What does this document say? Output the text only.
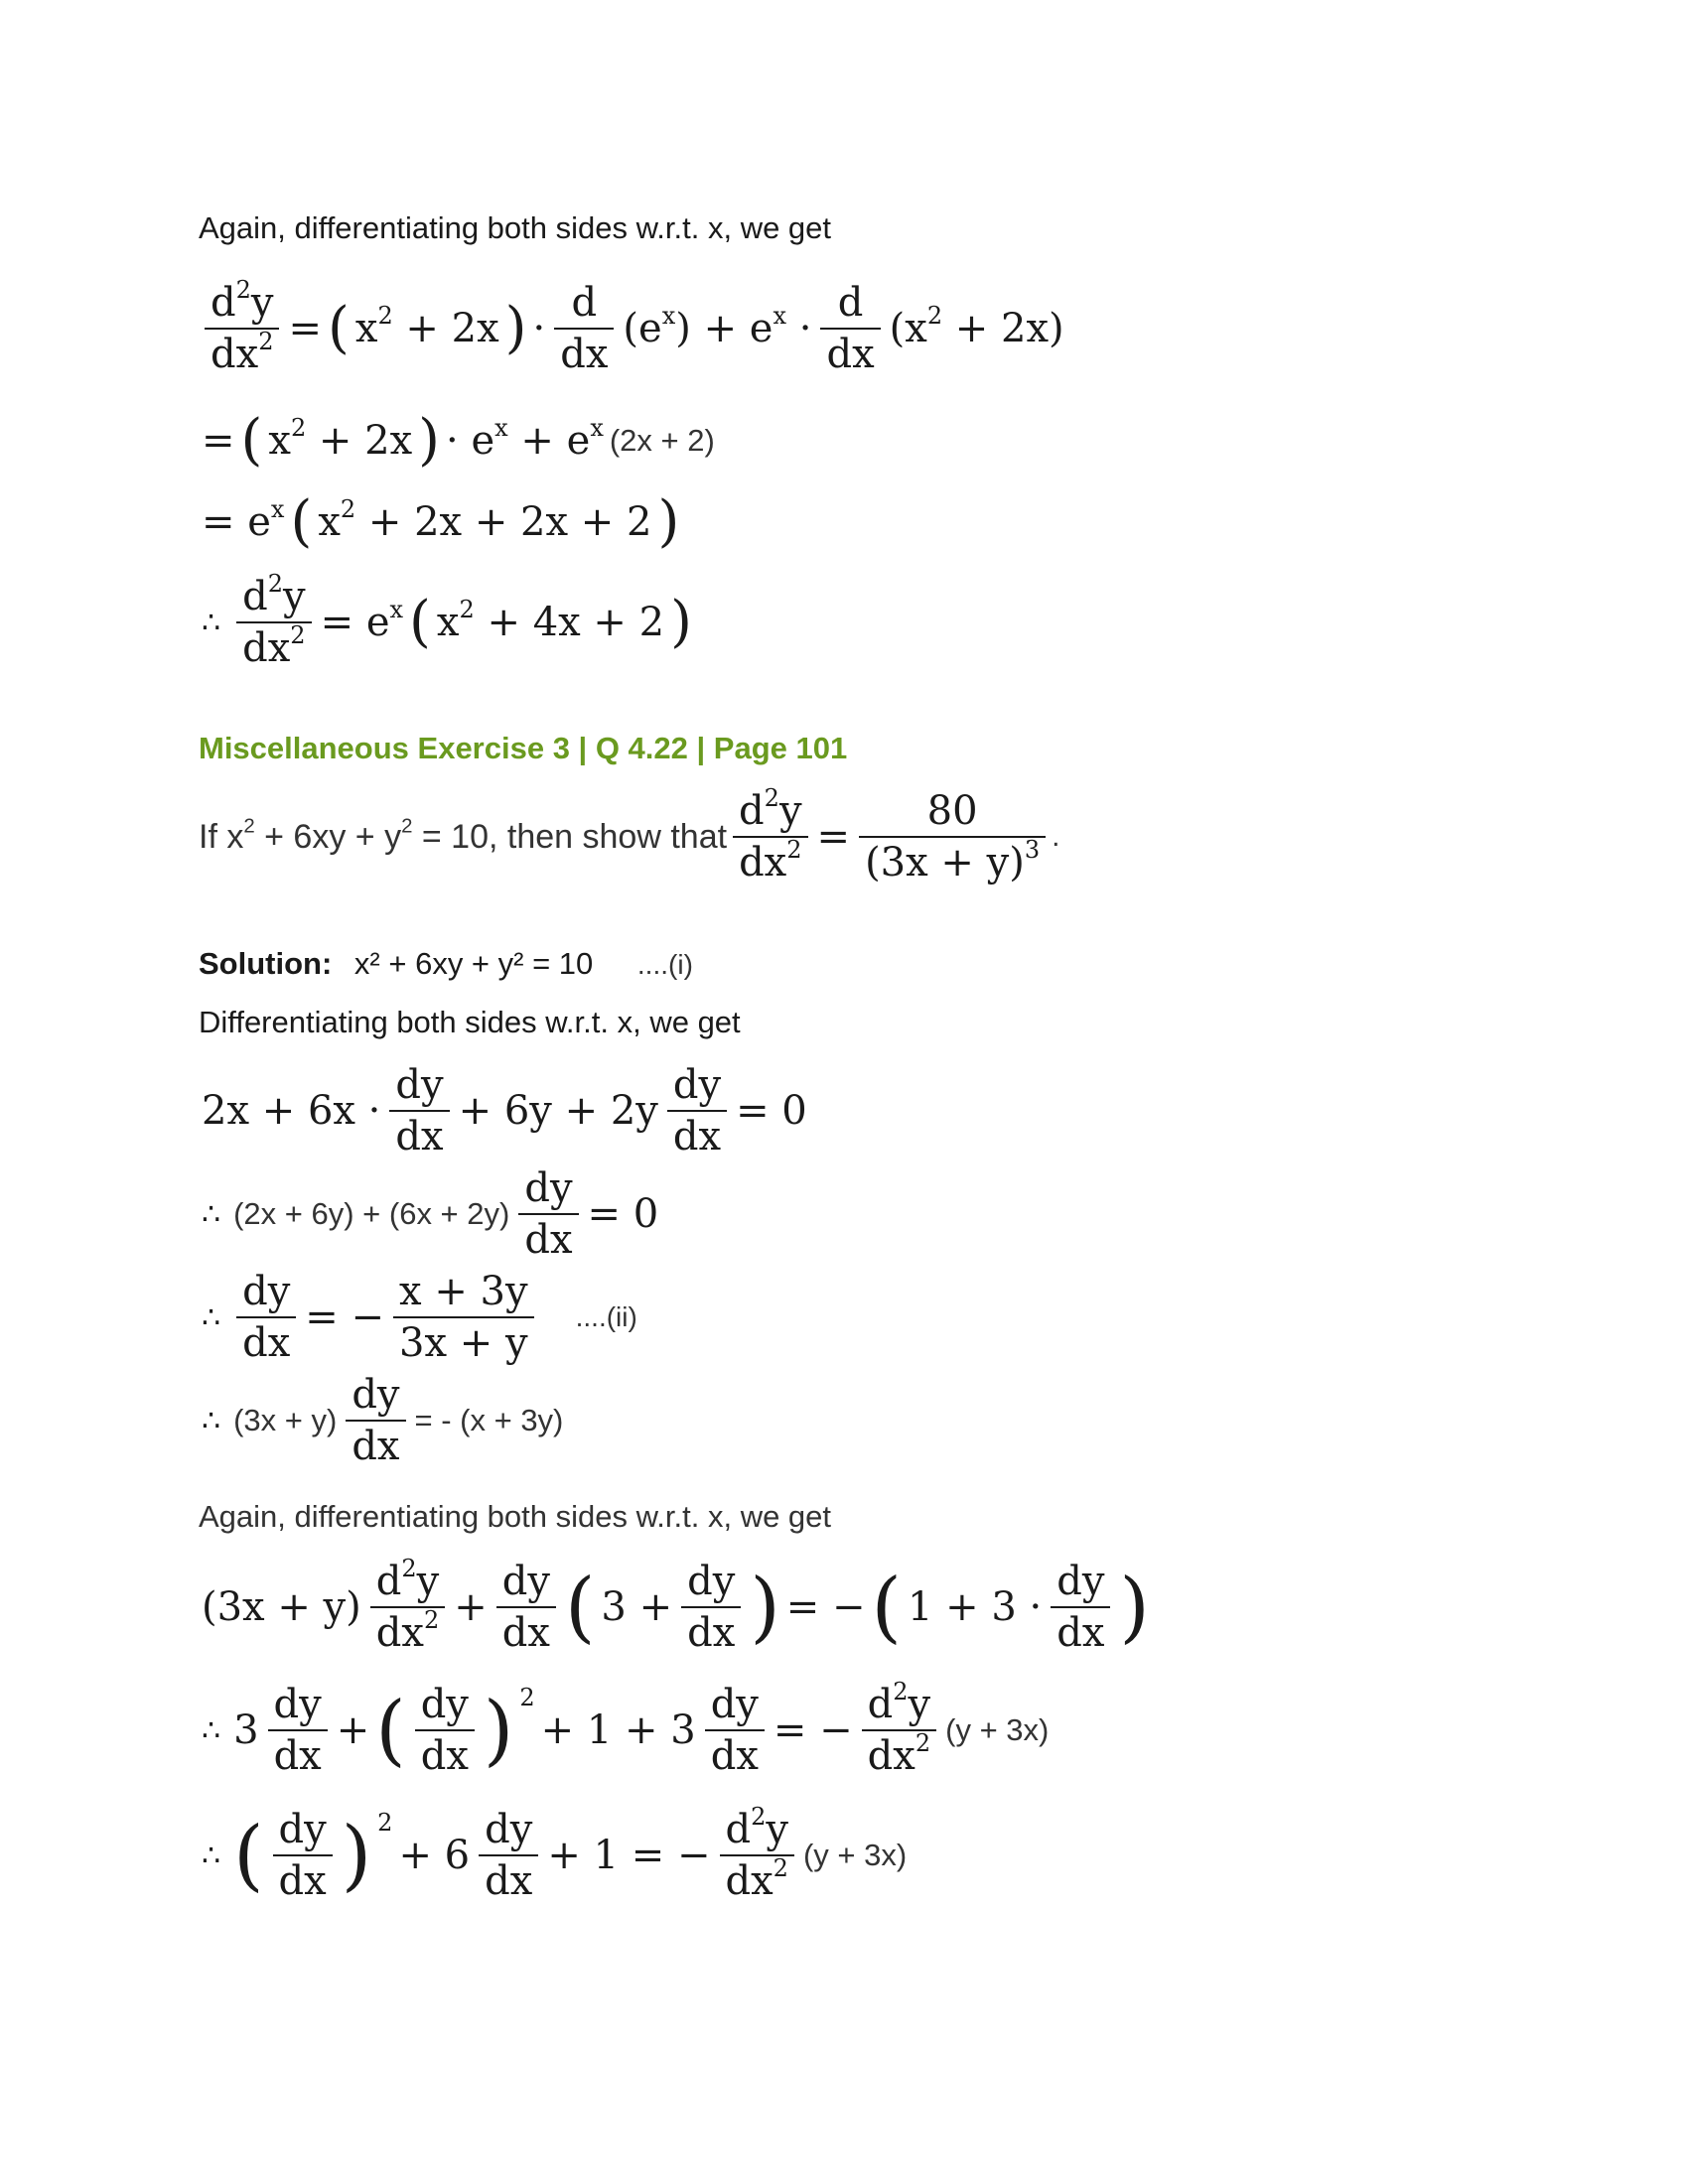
Again, differentiating both sides w.r.t. x, we get
$\frac{d^2y}{dx^2}$ = ( $x^2 + 2x$ ) · $\frac{d}{dx} (e^x) + e^x \cdot \frac{d}{dx} (x^2 + 2x)$
= ( $x^2 + 2x$ ) · $e^x + e^x$ (2x + 2)
= $e^x$ ( $x^2 + 2x + 2x + 2$ )
∴ $\frac{d^2y}{dx^2} = e^x$ ( $x^2 + 4x + 2$ )
Miscellaneous Exercise 3 | Q 4.22 | Page 101
If $x^2 + 6xy + y^2 = 10$, then show that $\frac{d^2y}{dx^2} = \frac{80}{(3x + y)^3}$ .
Solution: x² + 6xy + y² = 10 ....(i)
Differentiating both sides w.r.t. x, we get
$2x + 6x \cdot \frac{dy}{dx} + 6y + 2y \frac{dy}{dx} = 0$
∴ $(2x + 6y) + (6x + 2y) \frac{dy}{dx} = 0$
∴ $\frac{dy}{dx}$ = − $\frac{x + 3y}{3x + y} ....(ii)$
∴ $(3x + y) \frac{dy}{dx}$ = - (x + 3y)
Again, differentiating both sides w.r.t. x, we get
$(3x + y) \frac{d^2y}{dx^2} + \frac{dy}{dx}$ ( $3 + \frac{dy}{dx}$ ) = − ( $1 + 3 \cdot \frac{dy}{dx}$ )
∴ $3 \frac{dy}{dx}$ + ( $\frac{dy}{dx}$ ) 2
+ $1 + 3 \frac{dy}{dx}$ = − $\frac{d^2y}{dx^2} (y + 3x)$
∴ ( $\frac{dy}{dx}$ ) 2
+ $6 \frac{dy}{dx} + 1$ = − $\frac{d^2y}{dx^2} (y + 3x)$
